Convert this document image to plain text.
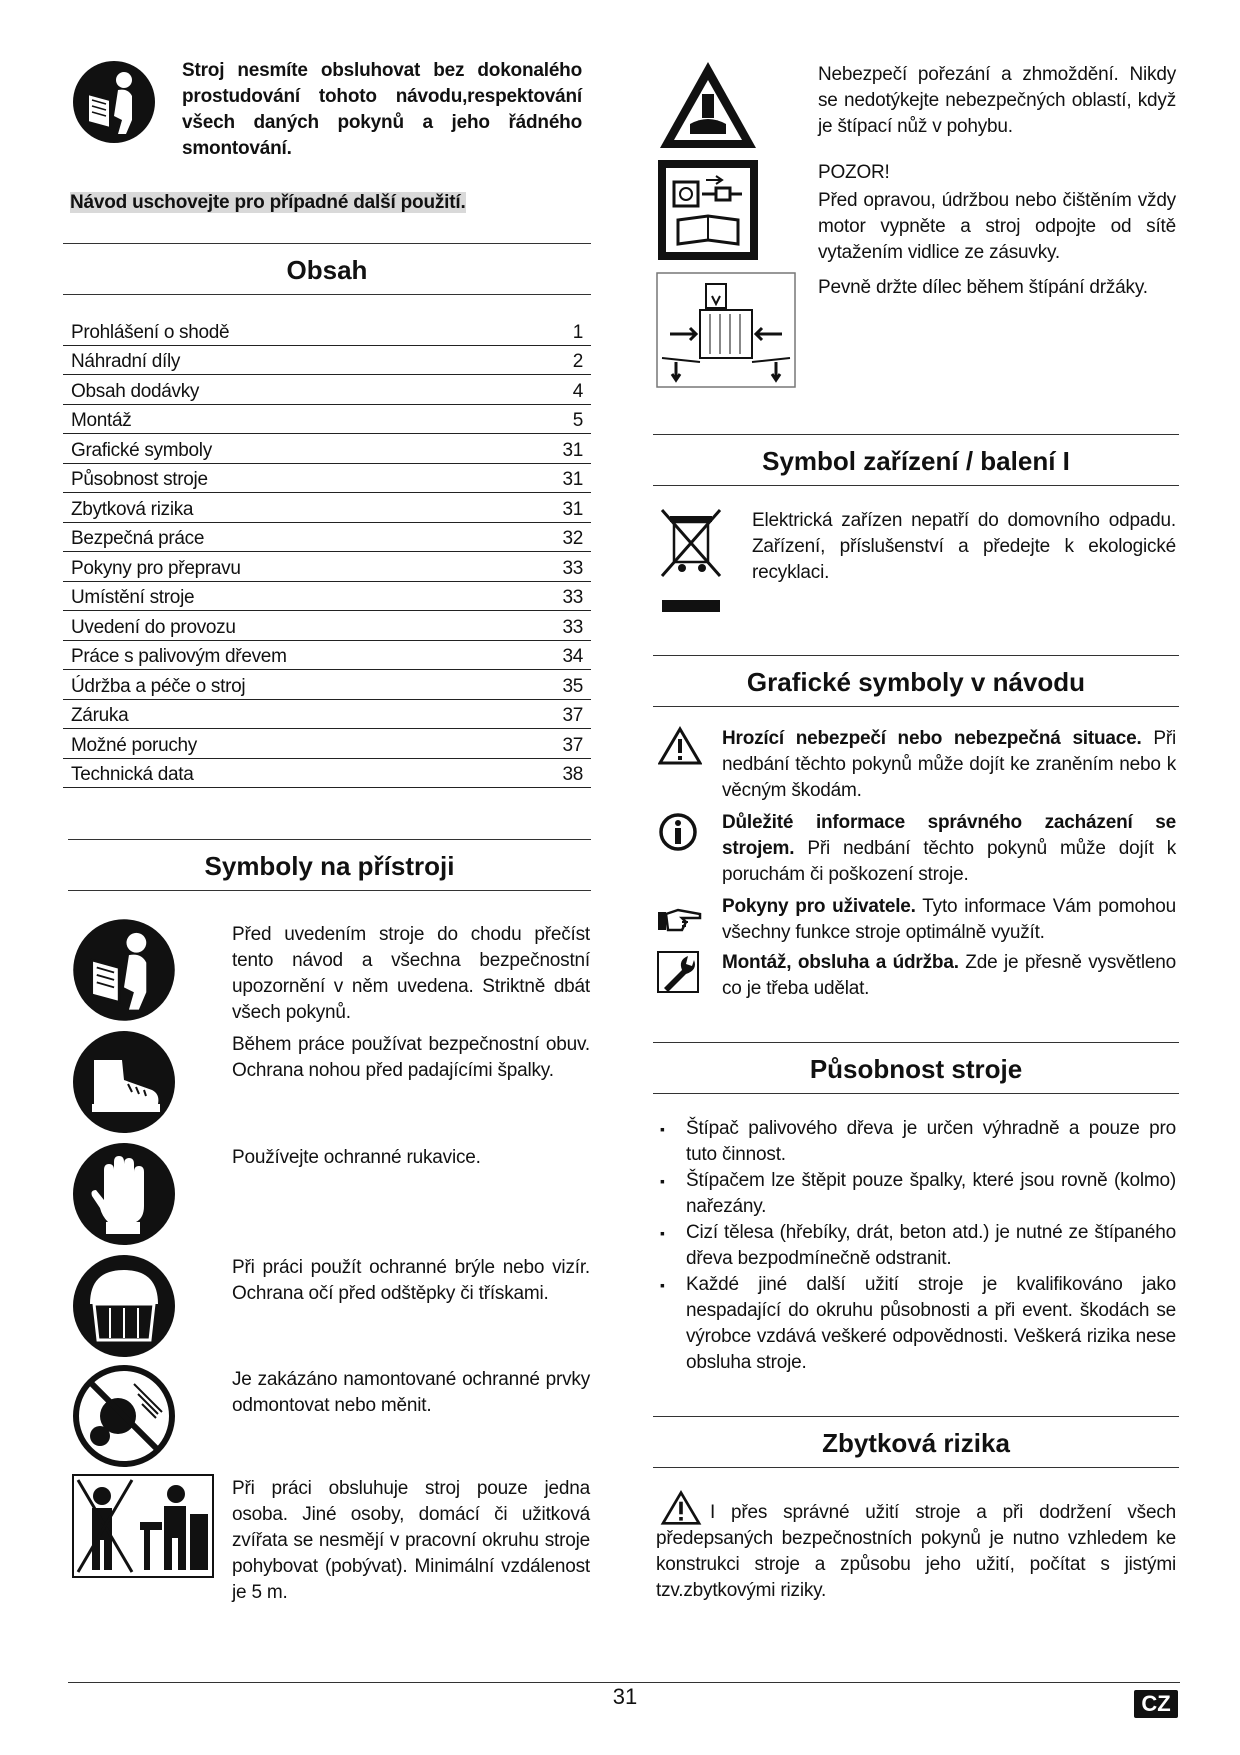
Stroj nesmíte obsluhovat bez dokonalého prostudování tohoto návodu,respektování všech daných pokynů a jeho řádného smontování.
Návod uschovejte pro případné další použití.
Obsah
Prohlášení o shodě	1
Náhradní díly	2
Obsah dodávky	4
Montáž	5
Grafické symboly	31
Působnost stroje	31
Zbytková rizika	31
Bezpečná práce	32
Pokyny pro přepravu	33
Umístění stroje	33
Uvedení do provozu	33
Práce s palivovým dřevem	34
Údržba a péče o stroj	35
Záruka	37
Možné poruchy	37
Technická data	38
Symboly na přístroji
Před uvedením stroje do chodu přečíst tento návod a všechna bezpečnostní upozornění v něm uvedena. Striktně dbát všech pokynů.
Během práce používat bezpečnostní obuv. Ochrana nohou před padajícími špalky.
Používejte ochranné rukavice.
Při práci použít ochranné brýle nebo vizír. Ochrana očí před odštěpky či třískami.
Je zakázáno namontované ochranné prvky odmontovat nebo měnit.
Při práci obsluhuje stroj pouze jedna osoba. Jiné osoby, domácí či užitková zvířata se nesmějí v pracovní okruhu stroje pohybovat (pobývat). Minimální vzdálenost je 5 m.
Nebezpečí pořezání a zhmoždění. Nikdy se nedotýkejte nebezpečných oblastí, když je štípací nůž v pohybu.
POZOR!
Před opravou, údržbou nebo čištěním vždy motor vypněte a stroj odpojte od sítě vytažením vidlice ze zásuvky.
Pevně držte dílec během štípání držáky.
Symbol zařízení / balení I
Elektrická zařízen nepatří do domovního odpadu. Zařízení, příslušenství a předejte k ekologické recyklaci.
Grafické symboly v návodu
Hrozící nebezpečí nebo nebezpečná situace. Při nedbání těchto pokynů může dojít ke zraněním nebo k věcným škodám.
Důležité informace správného zacházení se strojem. Při nedbání těchto pokynů může dojít k poruchám či poškození stroje.
Pokyny pro uživatele. Tyto informace Vám pomohou všechny funkce stroje optimálně využít.
Montáž, obsluha a údržba. Zde je přesně vysvětleno co je třeba udělat.
Působnost stroje
▪ Štípač palivového dřeva je určen výhradně a pouze pro tuto činnost.
▪ Štípačem lze štěpit pouze špalky, které jsou rovně (kolmo) nařezány.
▪ Cizí tělesa (hřebíky, drát, beton atd.) je nutné ze štípaného dřeva bezpodmínečně odstranit.
▪ Každé jiné další užití stroje je kvalifikováno jako nespadající do okruhu působnosti a při event. škodách se výrobce vzdává veškeré odpovědnosti. Veškerá rizika nese obsluha stroje.
Zbytková rizika
I přes správné užití stroje a při dodržení všech předepsaných bezpečnostních pokynů je nutno vzhledem ke konstrukci stroje a způsobu jeho užití, počítat s jistými tzv.zbytkovými riziky.
31	CZ
